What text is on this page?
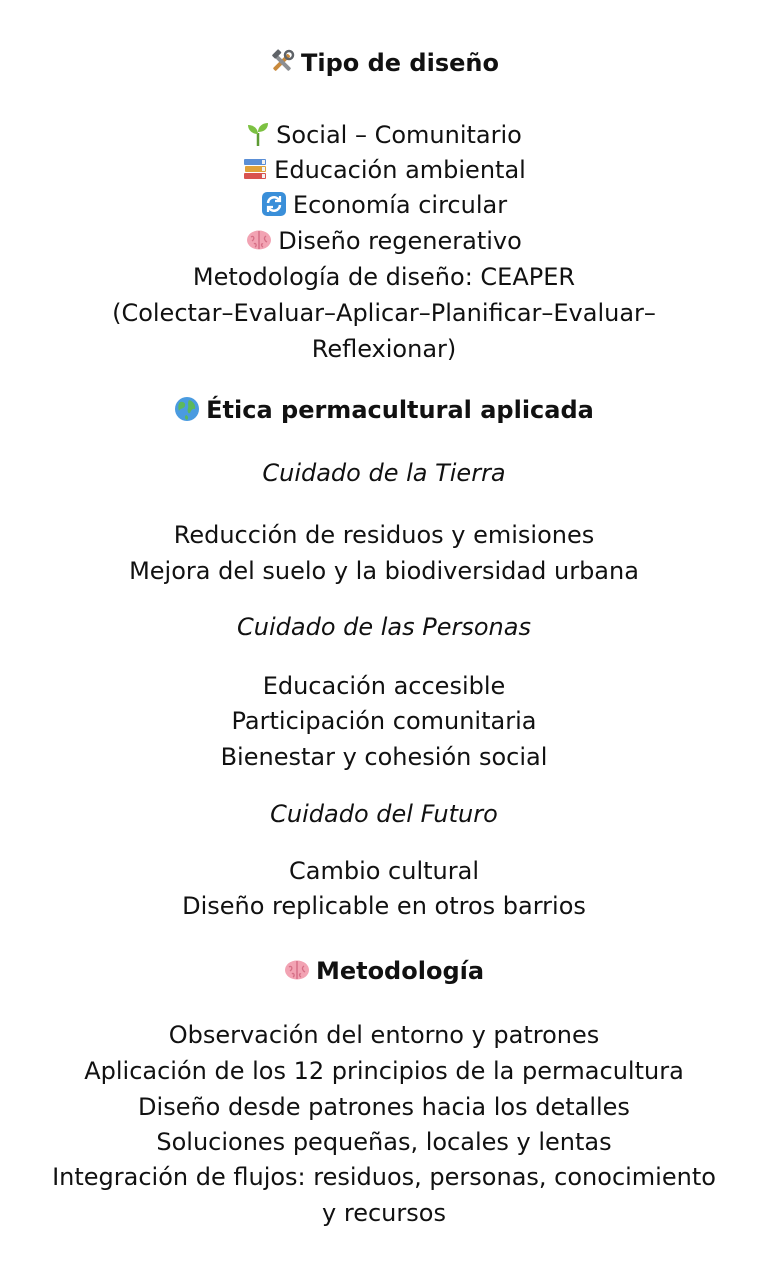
Tipo de diseño
Social – Comunitario
Educación ambiental
Economía circular
Diseño regenerativo
Metodología de diseño: CEAPER
(Colectar–Evaluar–Aplicar–Planificar–Evaluar–
Reflexionar)
Ética permacultural aplicada
Cuidado de la Tierra
Reducción de residuos y emisiones
Mejora del suelo y la biodiversidad urbana
Cuidado de las Personas
Educación accesible
Participación comunitaria
Bienestar y cohesión social
Cuidado del Futuro
Cambio cultural
Diseño replicable en otros barrios
Metodología
Observación del entorno y patrones
Aplicación de los 12 principios de la permacultura
Diseño desde patrones hacia los detalles
Soluciones pequeñas, locales y lentas
Integración de flujos: residuos, personas, conocimiento
y recursos
